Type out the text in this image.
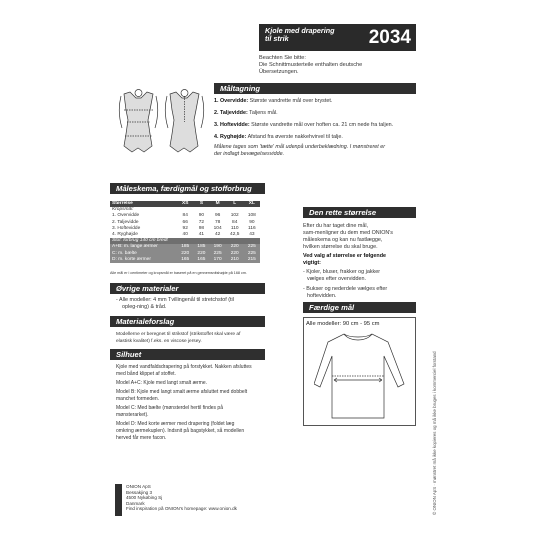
Kjole med drapering
til strik	2034
Beachten Sie bitte:
Die Schnittmusterteile enthalten deutsche
Übersetzungen.
Måltagning
1. Overvidde: Største vandrette mål over brystet.
2. Taljevidde: Taljens mål.
3. Hoftevidde: Største vandrette mål over hoften ca. 21 cm nede fra taljen.
4. Ryghøjde: Afstand fra øverste nakkehvirvel til talje.
Målene tages som 'tætte' mål udenpå underbeklædning. I mønstreret er
der indlagt bevægelsesvidde.
Måleskema, færdigmål og stofforbrug
Størrelse	XS	S	M	L	XL
Kropsmål:					
1. Overvidde	84	90	96	102	108
2. Taljevidde	66	72	78	84	90
3. Hoftevidde	92	98	104	110	116
4. Ryghøjde	40	41	42	42,5	43
Stof: forbrug 140 cm bredt					
A+B: m. lange ærmer	185	185	190	220	225
C: m. bælte	220	220	225	220	225
D: m. korte ærmer	165	165	170	210	215
Alle mål er i centimeter og kropsmål er baseret på en gennemsnitshøjde på 168 cm.
Øvrige materialer
- Alle modeller: 4 mm Tvillingenål til stretchstof (til
opleg-ning) & tråd.
Materialeforslag
Modellerne er beregnet til strikstof (strikstoffet skal være af
elastisk kvalitet) f.eks. en viscose jersey.
Silhuet
Kjole med vandfaldsdrapering på forstykket. Nakken afsluttes
med bånd klippet af stoffet.
Model A+C: Kjole med langt smalt ærme.
Model B: Kjole med langt smalt ærme afsluttet med dobbelt
manchet formeden.
Model C: Med bælte (mønsterdel hertil findes på
mønsterarket).
Model D: Med korte ærmer med drapering (foldet læg
omkring ærmekuplen). Indsnit på bagstykket, så modellen
herved får mere facon.
Den rette størrelse
Efter du har taget dine mål,
sam-menligner du dem med ONION's
måleskema og kan nu fastlægge,
hvilken størrelse du skal bruge.
Ved valg af størrelse er følgende
vigtigt:
- Kjoler, bluser, frakker og jakker
vælges efter overvidden.
- Bukser og nederdele vælges efter
hoftevidden.
Færdige mål
Alle modeller: 90 cm - 95 cm
ONION ApS
Bessakjing 3
4500 Nykøbing Sj
Danmark
Find inspiration på ONION's homepage: www.onion.dk	© ONION ApS · mønstret må ikke kopieres og må ikke bruges i kommerciel forstand
